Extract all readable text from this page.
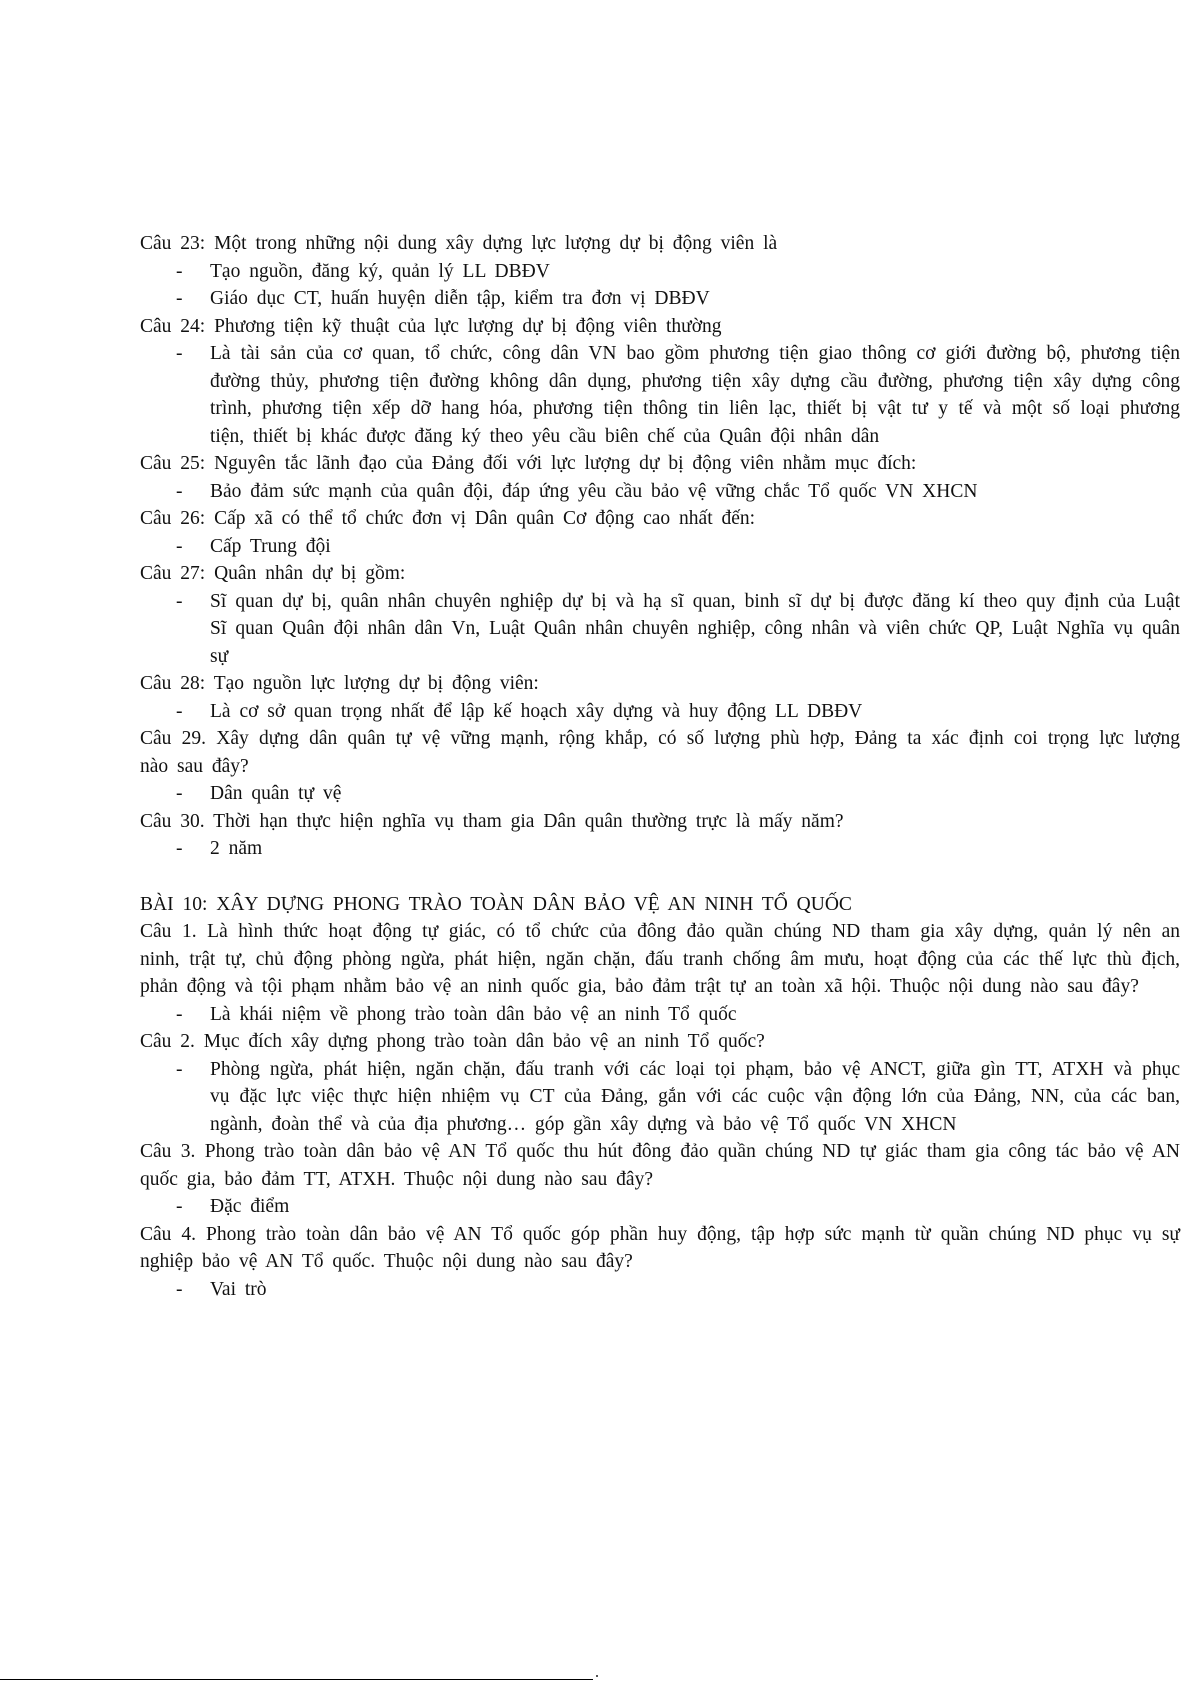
Câu 23: Một trong những nội dung xây dựng lực lượng dự bị động viên là

- Tạo nguồn, đăng ký, quản lý LL DBĐV

- Giáo dục CT, huấn huyện diễn tập, kiểm tra đơn vị DBĐV

Câu 24: Phương tiện kỹ thuật của lực lượng dự bị động viên thường

- Là tài sản của cơ quan, tổ chức, công dân VN bao gồm phương tiện giao thông cơ giới đường bộ, phương tiện đường thủy, phương tiện đường không dân dụng, phương tiện xây dựng cầu đường, phương tiện xây dựng công trình, phương tiện xếp dỡ hang hóa, phương tiện thông tin liên lạc, thiết bị vật tư y tế và một số loại phương tiện, thiết bị khác được đăng ký theo yêu cầu biên chế của Quân đội nhân dân

Câu 25: Nguyên tắc lãnh đạo của Đảng đối với lực lượng dự bị động viên nhằm mục đích:

- Bảo đảm sức mạnh của quân đội, đáp ứng yêu cầu bảo vệ vững chắc Tổ quốc VN XHCN

Câu 26: Cấp xã có thể tổ chức đơn vị Dân quân Cơ động cao nhất đến:

- Cấp Trung đội

Câu 27: Quân nhân dự bị gồm:

- Sĩ quan dự bị, quân nhân chuyên nghiệp dự bị và hạ sĩ quan, binh sĩ dự bị được đăng kí theo quy định của Luật Sĩ quan Quân đội nhân dân Vn, Luật Quân nhân chuyên nghiệp, công nhân và viên chức QP, Luật Nghĩa vụ quân sự

Câu 28: Tạo nguồn lực lượng dự bị động viên:

- Là cơ sở quan trọng nhất để lập kế hoạch xây dựng và huy động LL DBĐV

Câu 29. Xây dựng dân quân tự vệ vững mạnh, rộng khắp, có số lượng phù hợp, Đảng ta xác định coi trọng lực lượng nào sau đây?

- Dân quân tự vệ

Câu 30. Thời hạn thực hiện nghĩa vụ tham gia Dân quân thường trực là mấy năm?

- 2 năm

BÀI 10: XÂY DỰNG PHONG TRÀO TOÀN DÂN BẢO VỆ AN NINH TỔ QUỐC

Câu 1. Là hình thức hoạt động tự giác, có tổ chức của đông đảo quần chúng ND tham gia xây dựng, quản lý nên an ninh, trật tự, chủ động phòng ngừa, phát hiện, ngăn chặn, đấu tranh chống âm mưu, hoạt động của các thế lực thù địch, phản động và tội phạm nhằm bảo vệ an ninh quốc gia, bảo đảm trật tự an toàn xã hội. Thuộc nội dung nào sau đây?

- Là khái niệm về phong trào toàn dân bảo vệ an ninh Tổ quốc

Câu 2. Mục đích xây dựng phong trào toàn dân bảo vệ an ninh Tổ quốc?

- Phòng ngừa, phát hiện, ngăn chặn, đấu tranh với các loại tọi phạm, bảo vệ ANCT, giữa gìn TT, ATXH và phục vụ đặc lực việc thực hiện nhiệm vụ CT của Đảng, gắn với các cuộc vận động lớn của Đảng, NN, của các ban, ngành, đoàn thể và của địa phương… góp gần xây dựng và bảo vệ Tổ quốc VN XHCN

Câu 3. Phong trào toàn dân bảo vệ AN Tổ quốc thu hút đông đảo quần chúng ND tự giác tham gia công tác bảo vệ AN quốc gia, bảo đảm TT, ATXH. Thuộc nội dung nào sau đây?

- Đặc điểm

Câu 4. Phong trào toàn dân bảo vệ AN Tổ quốc góp phần huy động, tập hợp sức mạnh từ quần chúng ND phục vụ sự nghiệp bảo vệ AN Tổ quốc. Thuộc nội dung nào sau đây?

- Vai trò
